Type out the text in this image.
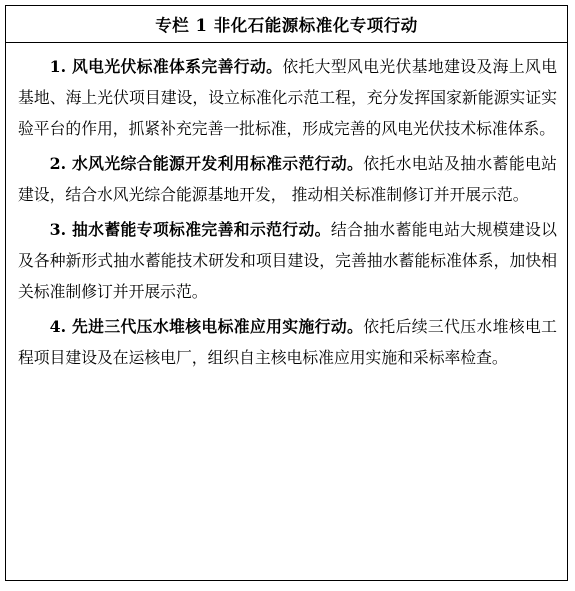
专栏 1 非化石能源标准化专项行动

1. 风电光伏标准体系完善行动。依托大型风电光伏基地建设及海上风电基地、海上光伏项目建设，设立标准化示范工程，充分发挥国家新能源实证实验平台的作用，抓紧补充完善一批标准，形成完善的风电光伏技术标准体系。

2. 水风光综合能源开发利用标准示范行动。依托水电站及抽水蓄能电站建设，结合水风光综合能源基地开发， 推动相关标准制修订并开展示范。

3. 抽水蓄能专项标准完善和示范行动。结合抽水蓄能电站大规模建设以及各种新形式抽水蓄能技术研发和项目建设，完善抽水蓄能标准体系，加快相关标准制修订并开展示范。

4. 先进三代压水堆核电标准应用实施行动。依托后续三代压水堆核电工程项目建设及在运核电厂，组织自主核电标准应用实施和采标率检查。
